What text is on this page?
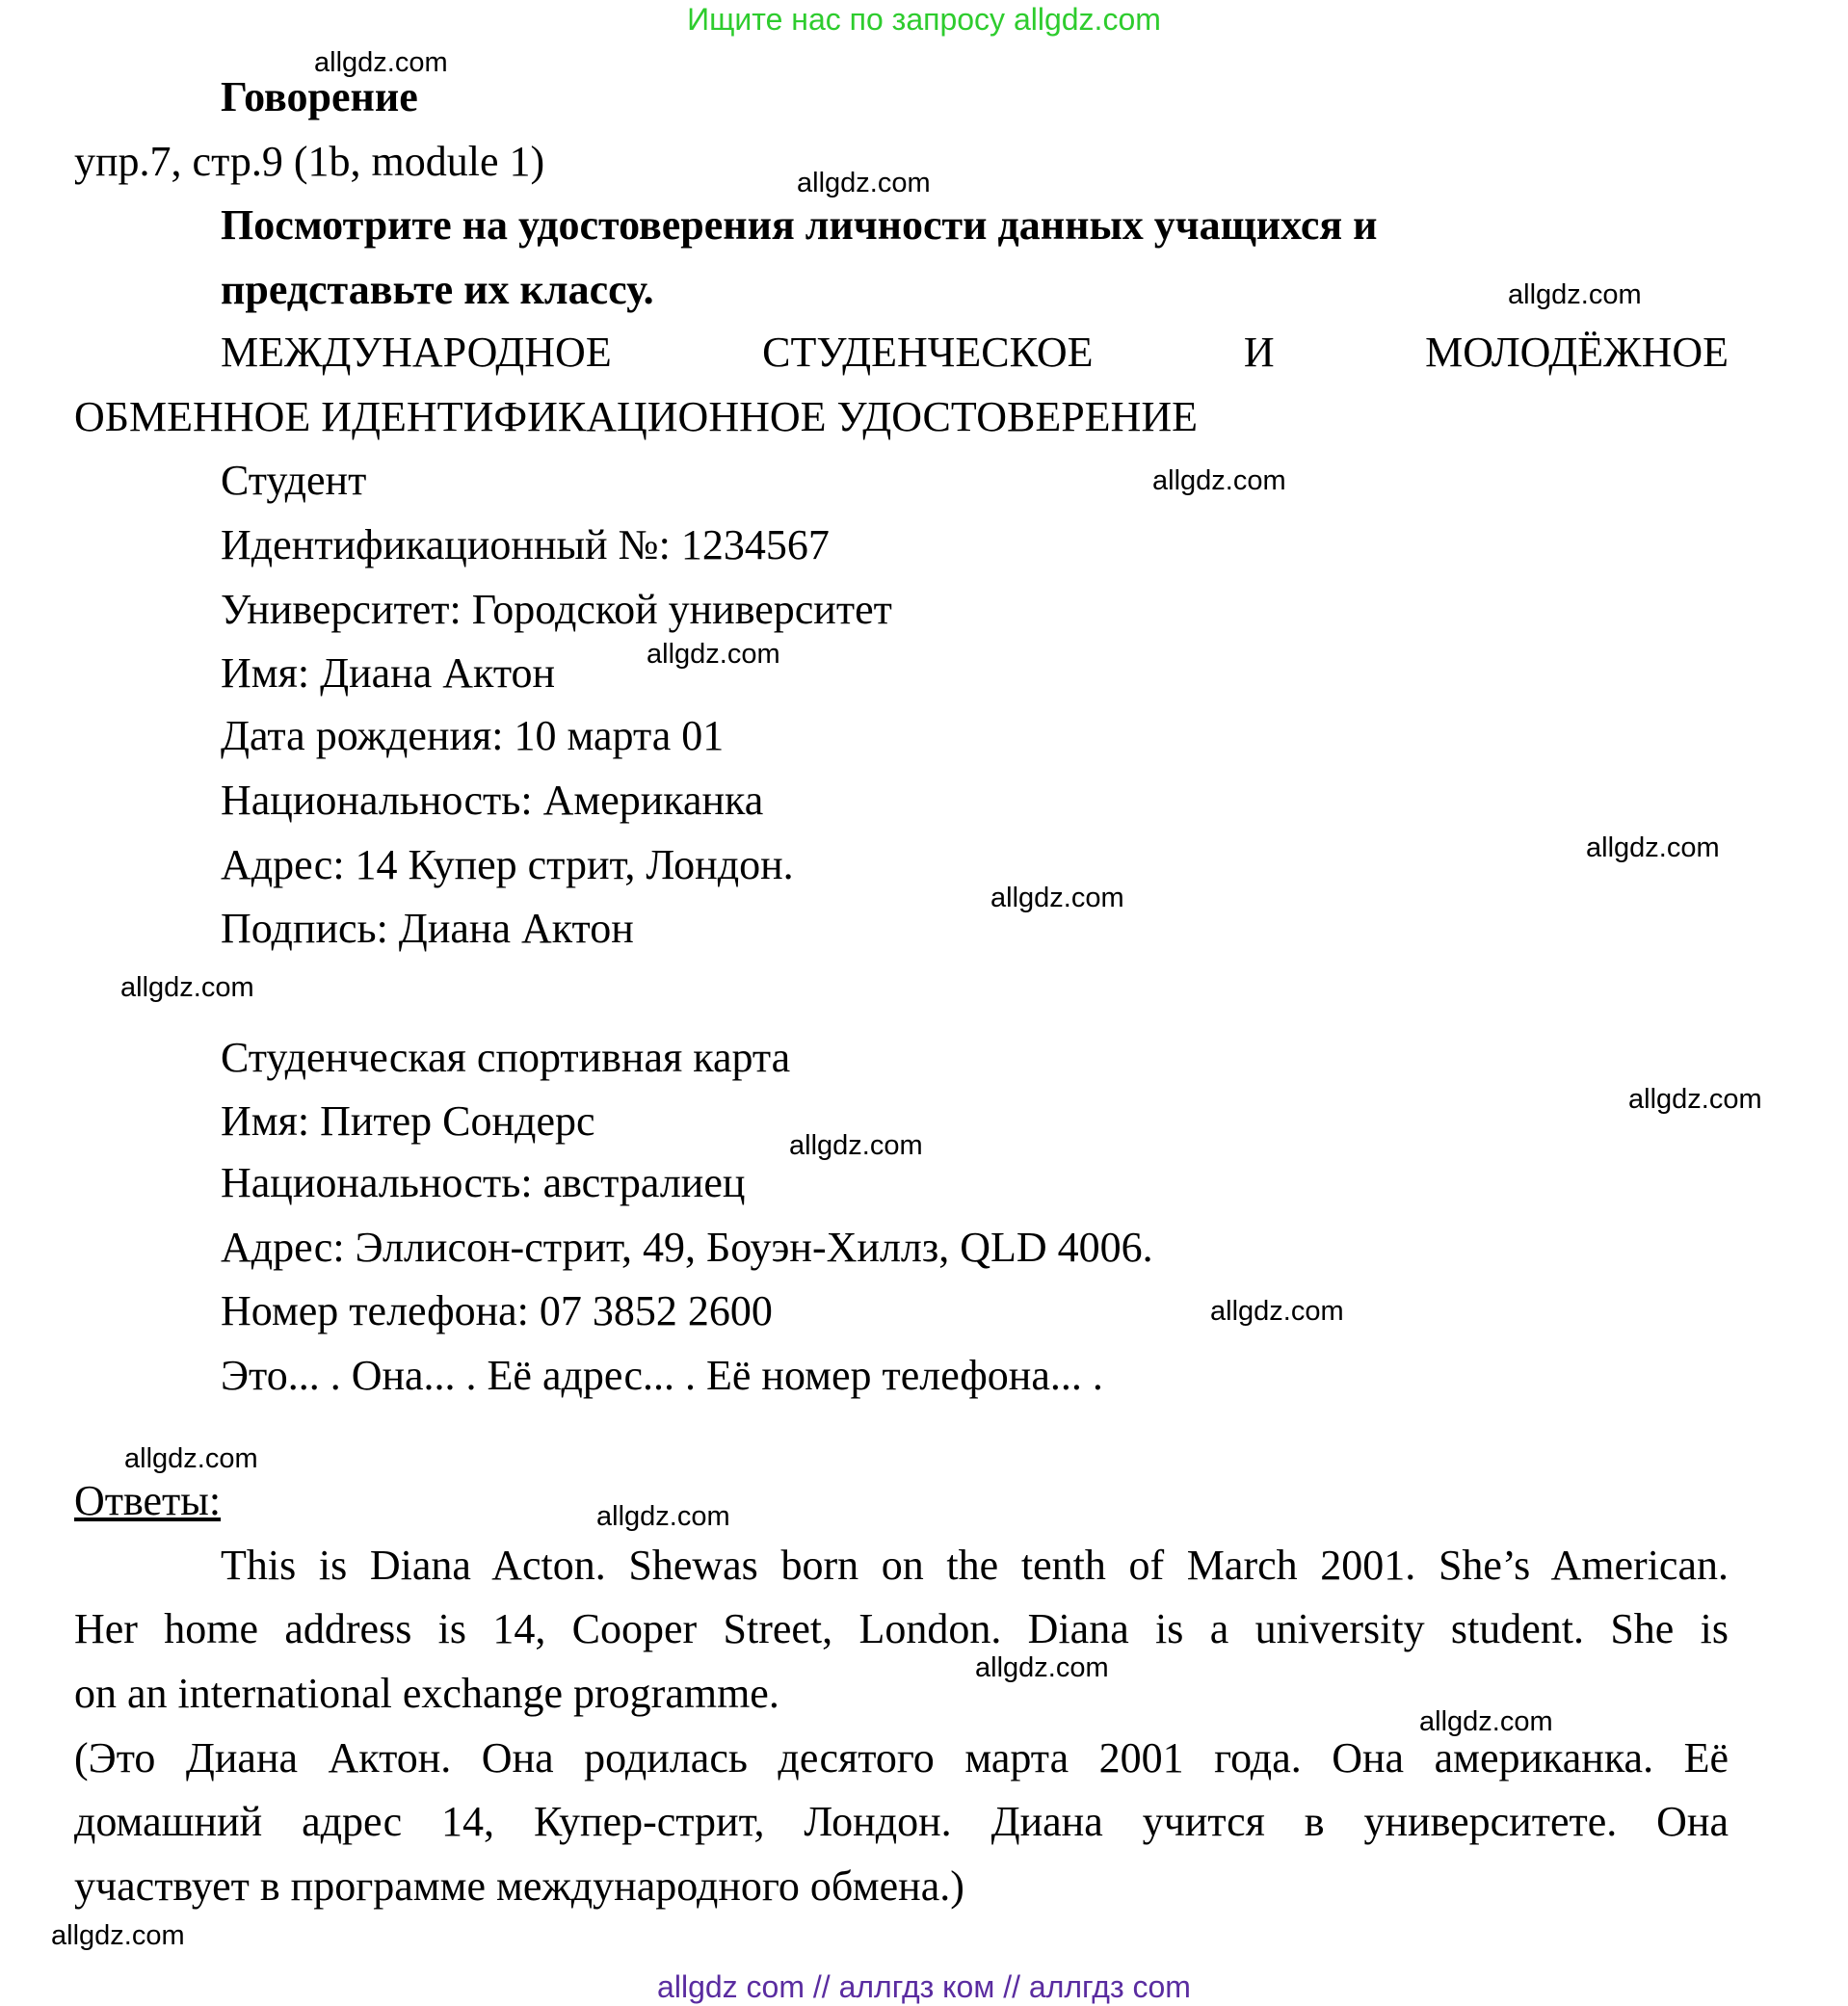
Ищите нас по запросу allgdz.com
Говорение
упр.7, стр.9 (1b, module 1)
Посмотрите на удостоверения личности данных учащихся и
представьте их классу.
МЕЖДУНАРОДНОЕ СТУДЕНЧЕСКОЕ И МОЛОДЁЖНОЕ
ОБМЕННОЕ ИДЕНТИФИКАЦИОННОЕ УДОСТОВЕРЕНИЕ
Студент
Идентификационный №: 1234567
Университет: Городской университет
Имя: Диана Актон
Дата рождения: 10 марта 01
Национальность: Американка
Адрес: 14 Купер стрит, Лондон.
Подпись: Диана Актон
Студенческая спортивная карта
Имя: Питер Сондерс
Национальность: австралиец
Адрес: Эллисон-стрит, 49, Боуэн-Хиллз, QLD 4006.
Номер телефона: 07 3852 2600
Это... . Она... . Её адрес... . Её номер телефона... .
Ответы:
This is Diana Acton. Shewas born on the tenth of March 2001. She’s American.
Her home address is 14, Cooper Street, London. Diana is a university student. She is
on an international exchange programme.
(Это Диана Актон. Она родилась десятого марта 2001 года. Она американка. Её
домашний адрес 14, Купер-стрит, Лондон. Диана учится в университете. Она
участвует в программе международного обмена.)
allgdz.com
allgdz.com
allgdz.com
allgdz.com
allgdz.com
allgdz.com
allgdz.com
allgdz.com
allgdz.com
allgdz.com
allgdz.com
allgdz.com
allgdz.com
allgdz.com
allgdz.com
allgdz.com
allgdz com // аллгдз ком // аллгдз com
